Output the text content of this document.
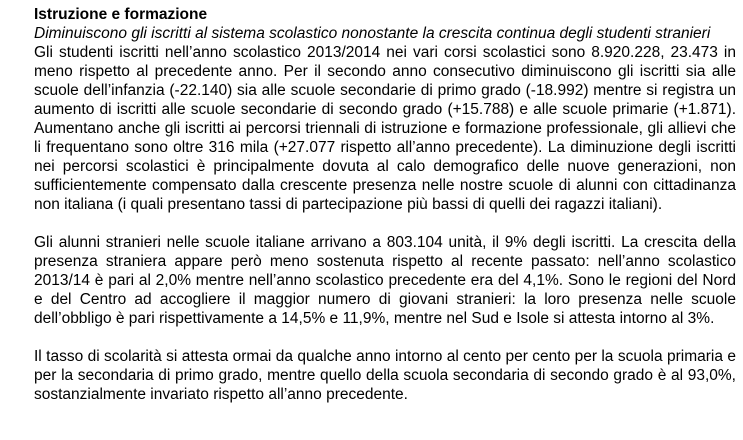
Istruzione e formazione

Diminuiscono gli iscritti al sistema scolastico nonostante la crescita continua degli studenti stranieri

Gli studenti iscritti nell’anno scolastico 2013/2014 nei vari corsi scolastici sono 8.920.228, 23.473 in meno rispetto al precedente anno. Per il secondo anno consecutivo diminuiscono gli iscritti sia alle scuole dell’infanzia (-22.140) sia alle scuole secondarie di primo grado (-18.992) mentre si registra un aumento di iscritti alle scuole secondarie di secondo grado (+15.788) e alle scuole primarie (+1.871). Aumentano anche gli iscritti ai percorsi triennali di istruzione e formazione professionale, gli allievi che li frequentano sono oltre 316 mila (+27.077 rispetto all’anno precedente). La diminuzione degli iscritti nei percorsi scolastici è principalmente dovuta al calo demografico delle nuove generazioni, non sufficientemente compensato dalla crescente presenza nelle nostre scuole di alunni con cittadinanza non italiana (i quali presentano tassi di partecipazione più bassi di quelli dei ragazzi italiani).

Gli alunni stranieri nelle scuole italiane arrivano a 803.104 unità, il 9% degli iscritti. La crescita della presenza straniera appare però meno sostenuta rispetto al recente passato: nell’anno scolastico 2013/14 è pari al 2,0% mentre nell’anno scolastico precedente era del 4,1%. Sono le regioni del Nord e del Centro ad accogliere il maggior numero di giovani stranieri: la loro presenza nelle scuole dell’obbligo è pari rispettivamente a 14,5% e 11,9%, mentre nel Sud e Isole si attesta intorno al 3%.

Il tasso di scolarità si attesta ormai da qualche anno intorno al cento per cento per la scuola primaria e per la secondaria di primo grado, mentre quello della scuola secondaria di secondo grado è al 93,0%, sostanzialmente invariato rispetto all’anno precedente.
